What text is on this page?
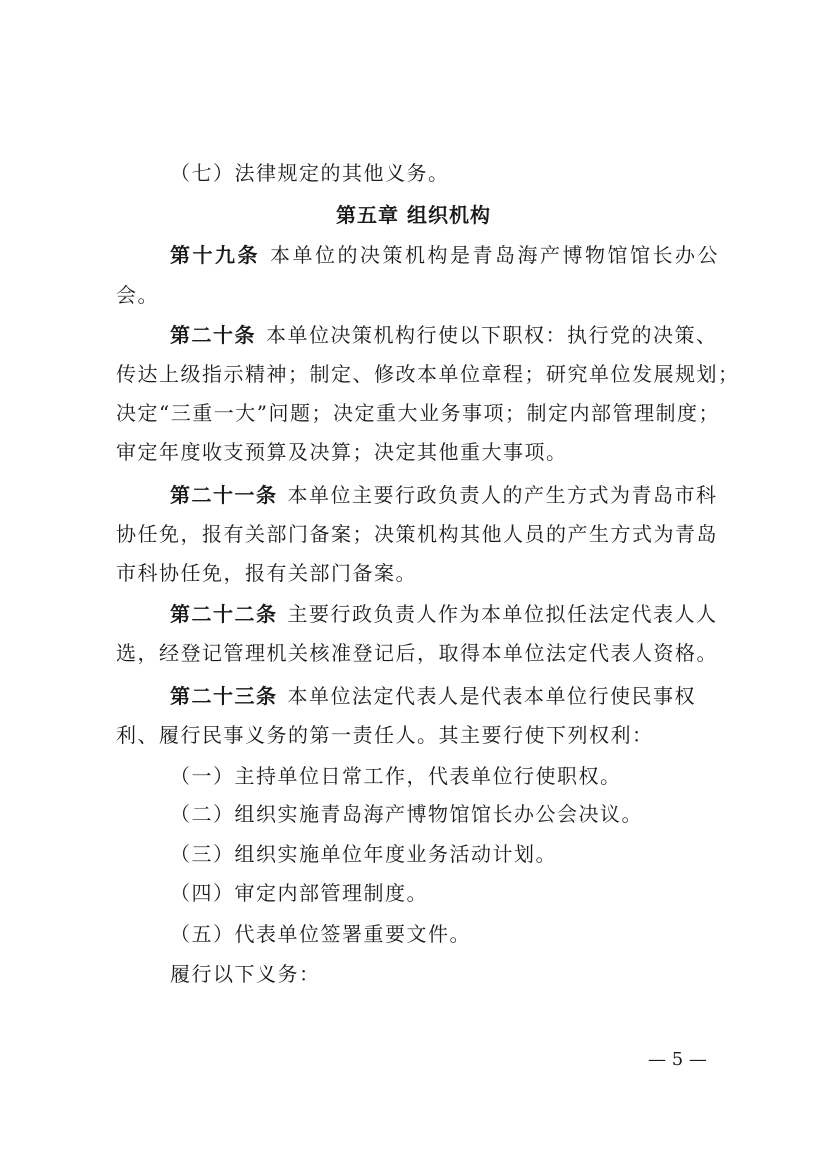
（七）法律规定的其他义务。
第五章 组织机构
第十九条 本单位的决策机构是青岛海产博物馆馆长办公
会。
第二十条 本单位决策机构行使以下职权：执行党的决策、
传达上级指示精神；制定、修改本单位章程；研究单位发展规划；
决定“三重一大”问题；决定重大业务事项；制定内部管理制度；
审定年度收支预算及决算；决定其他重大事项。
第二十一条 本单位主要行政负责人的产生方式为青岛市科
协任免，报有关部门备案；决策机构其他人员的产生方式为青岛
市科协任免，报有关部门备案。
第二十二条 主要行政负责人作为本单位拟任法定代表人人
选，经登记管理机关核准登记后，取得本单位法定代表人资格。
第二十三条 本单位法定代表人是代表本单位行使民事权
利、履行民事义务的第一责任人。其主要行使下列权利：
（一）主持单位日常工作，代表单位行使职权。
（二）组织实施青岛海产博物馆馆长办公会决议。
（三）组织实施单位年度业务活动计划。
（四）审定内部管理制度。
（五）代表单位签署重要文件。
履行以下义务：
— 5 —
